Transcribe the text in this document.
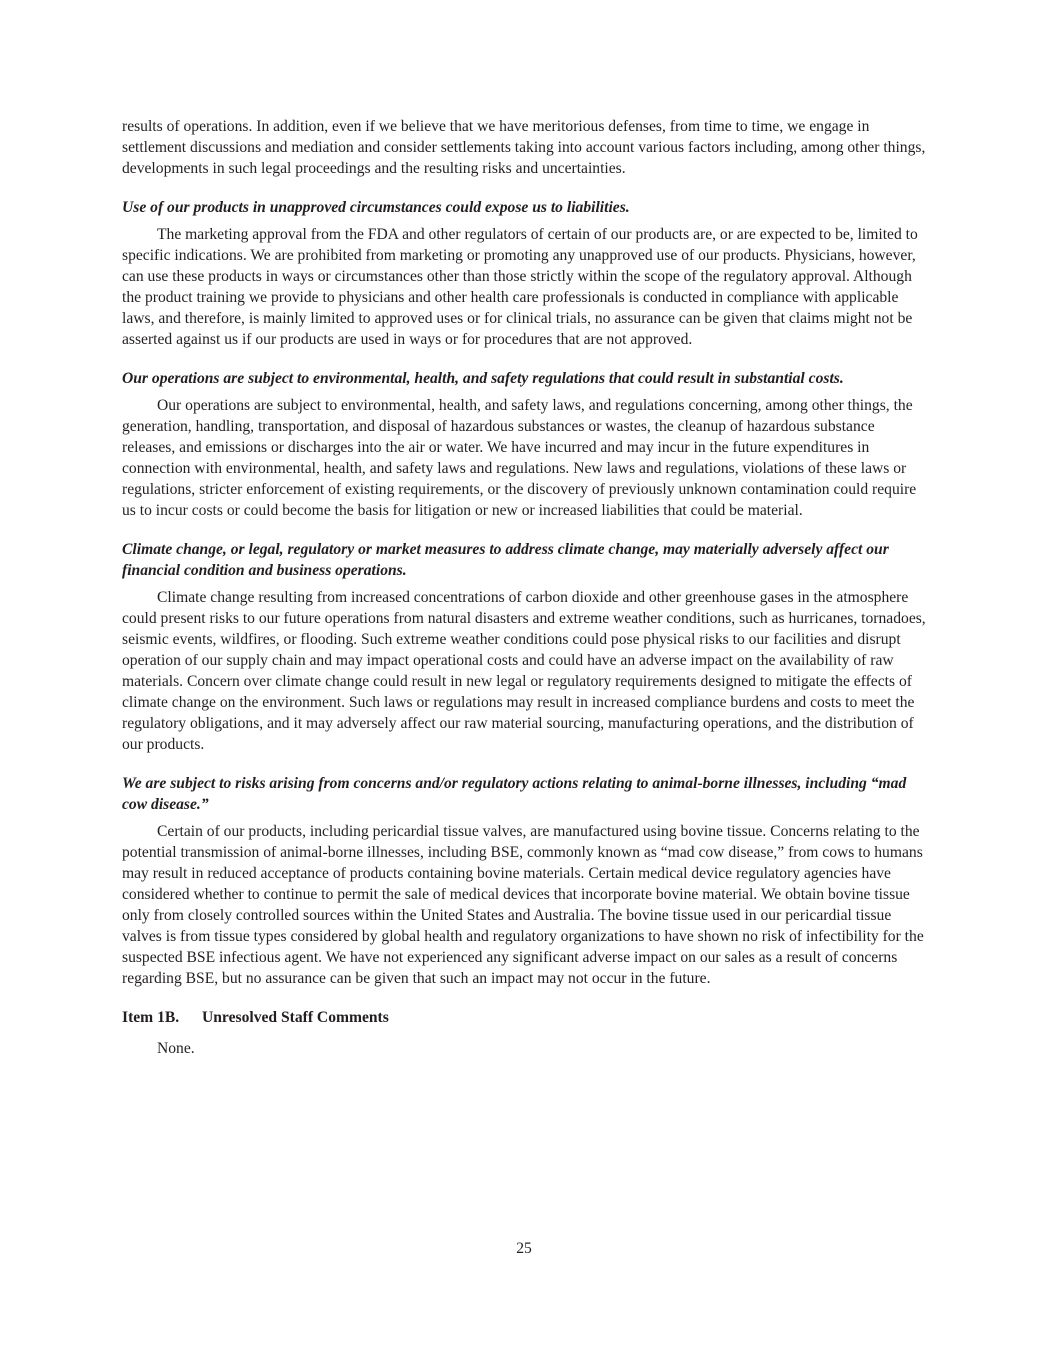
results of operations. In addition, even if we believe that we have meritorious defenses, from time to time, we engage in settlement discussions and mediation and consider settlements taking into account various factors including, among other things, developments in such legal proceedings and the resulting risks and uncertainties.

Use of our products in unapproved circumstances could expose us to liabilities.

The marketing approval from the FDA and other regulators of certain of our products are, or are expected to be, limited to specific indications. We are prohibited from marketing or promoting any unapproved use of our products. Physicians, however, can use these products in ways or circumstances other than those strictly within the scope of the regulatory approval. Although the product training we provide to physicians and other health care professionals is conducted in compliance with applicable laws, and therefore, is mainly limited to approved uses or for clinical trials, no assurance can be given that claims might not be asserted against us if our products are used in ways or for procedures that are not approved.

Our operations are subject to environmental, health, and safety regulations that could result in substantial costs.

Our operations are subject to environmental, health, and safety laws, and regulations concerning, among other things, the generation, handling, transportation, and disposal of hazardous substances or wastes, the cleanup of hazardous substance releases, and emissions or discharges into the air or water. We have incurred and may incur in the future expenditures in connection with environmental, health, and safety laws and regulations. New laws and regulations, violations of these laws or regulations, stricter enforcement of existing requirements, or the discovery of previously unknown contamination could require us to incur costs or could become the basis for litigation or new or increased liabilities that could be material.

Climate change, or legal, regulatory or market measures to address climate change, may materially adversely affect our financial condition and business operations.

Climate change resulting from increased concentrations of carbon dioxide and other greenhouse gases in the atmosphere could present risks to our future operations from natural disasters and extreme weather conditions, such as hurricanes, tornadoes, seismic events, wildfires, or flooding. Such extreme weather conditions could pose physical risks to our facilities and disrupt operation of our supply chain and may impact operational costs and could have an adverse impact on the availability of raw materials. Concern over climate change could result in new legal or regulatory requirements designed to mitigate the effects of climate change on the environment. Such laws or regulations may result in increased compliance burdens and costs to meet the regulatory obligations, and it may adversely affect our raw material sourcing, manufacturing operations, and the distribution of our products.

We are subject to risks arising from concerns and/or regulatory actions relating to animal-borne illnesses, including “mad cow disease.”

Certain of our products, including pericardial tissue valves, are manufactured using bovine tissue. Concerns relating to the potential transmission of animal-borne illnesses, including BSE, commonly known as “mad cow disease,” from cows to humans may result in reduced acceptance of products containing bovine materials. Certain medical device regulatory agencies have considered whether to continue to permit the sale of medical devices that incorporate bovine material. We obtain bovine tissue only from closely controlled sources within the United States and Australia. The bovine tissue used in our pericardial tissue valves is from tissue types considered by global health and regulatory organizations to have shown no risk of infectibility for the suspected BSE infectious agent. We have not experienced any significant adverse impact on our sales as a result of concerns regarding BSE, but no assurance can be given that such an impact may not occur in the future.

Item 1B. Unresolved Staff Comments

None.

25
